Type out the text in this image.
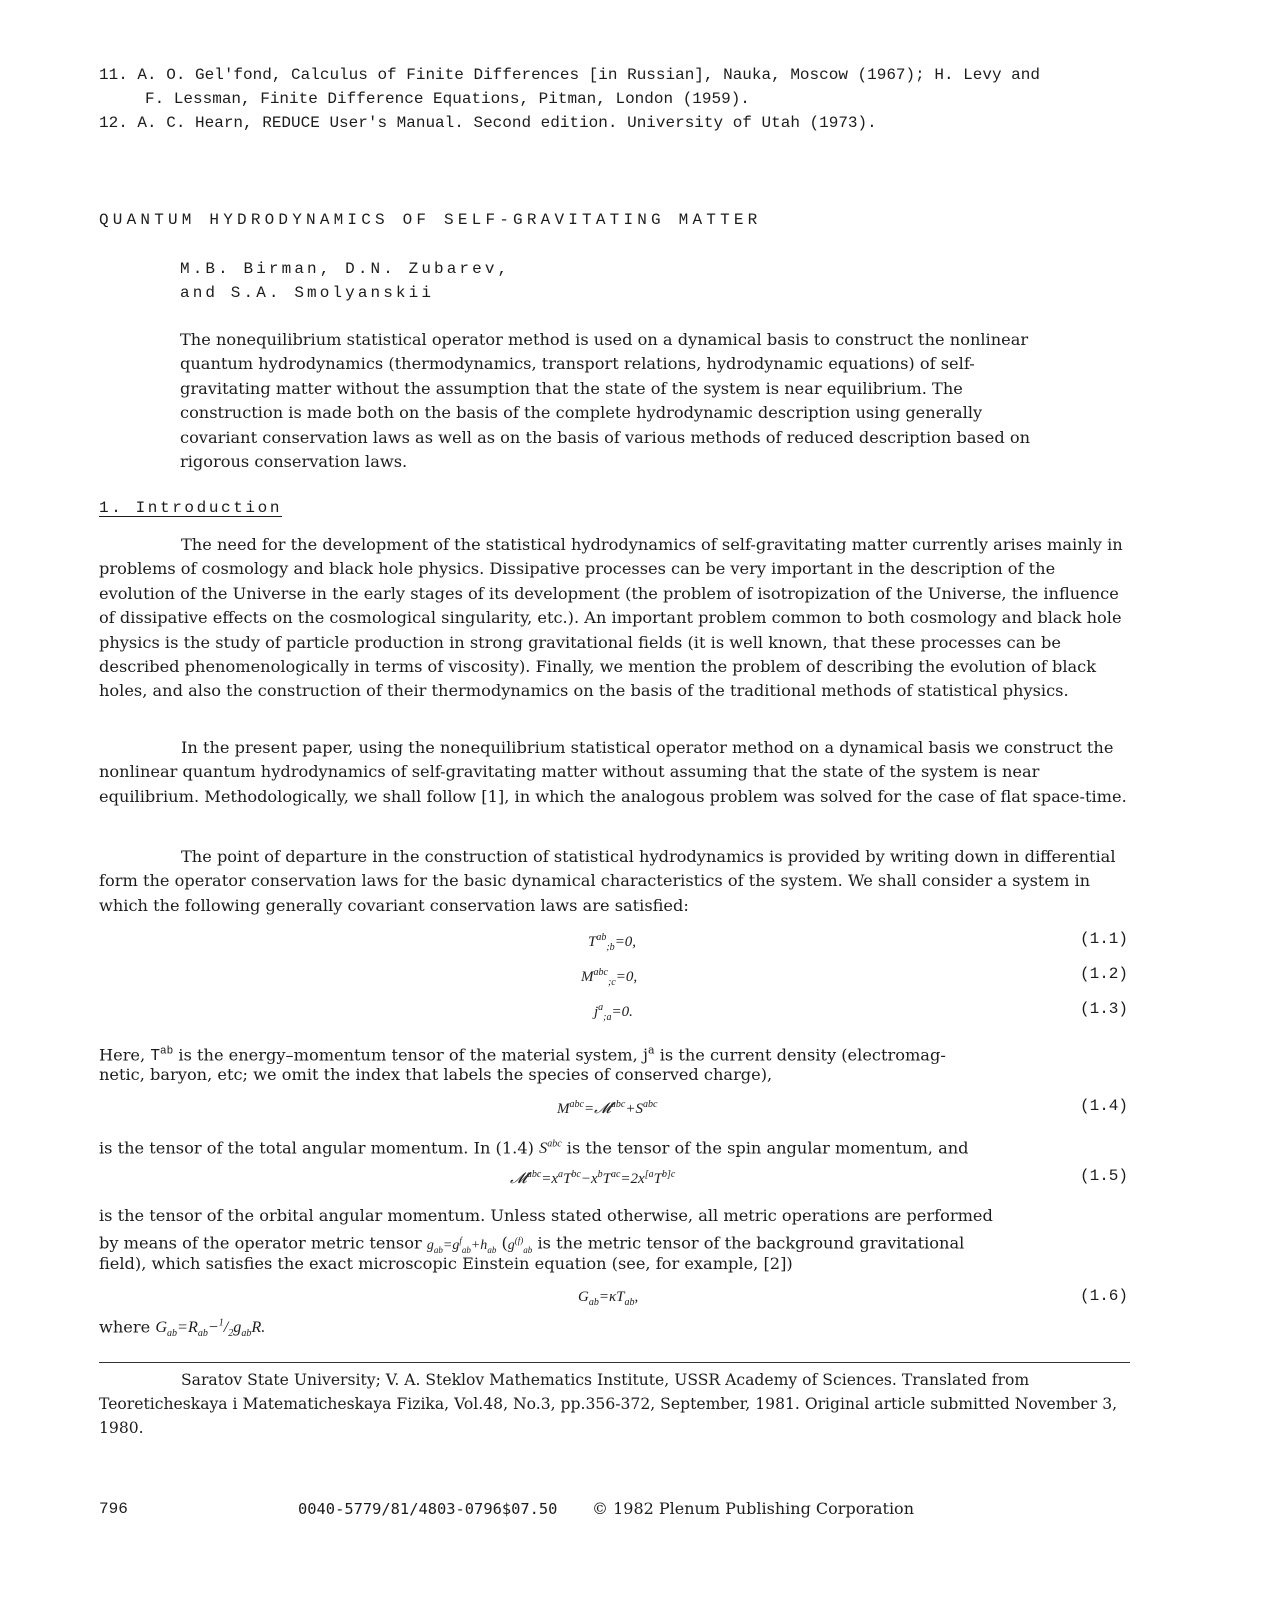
11. A. O. Gel'fond, Calculus of Finite Differences [in Russian], Nauka, Moscow (1967); H. Levy and
F. Lessman, Finite Difference Equations, Pitman, London (1959).
12. A. C. Hearn, REDUCE User's Manual. Second edition. University of Utah (1973).
QUANTUM HYDRODYNAMICS OF SELF-GRAVITATING MATTER
M.B. Birman, D.N. Zubarev,
and S.A. Smolyanskii
The nonequilibrium statistical operator method is used on a dynamical basis to construct the nonlinear quantum hydrodynamics (thermodynamics, transport relations, hydrodynamic equations) of self-gravitating matter without the assumption that the state of the system is near equilibrium. The construction is made both on the basis of the complete hydrodynamic description using generally covariant conservation laws as well as on the basis of various methods of reduced description based on rigorous conservation laws.
1. Introduction
The need for the development of the statistical hydrodynamics of self-gravitating matter currently arises mainly in problems of cosmology and black hole physics. Dissipative processes can be very important in the description of the evolution of the Universe in the early stages of its development (the problem of isotropization of the Universe, the influence of dissipative effects on the cosmological singularity, etc.). An important problem common to both cosmology and black hole physics is the study of particle production in strong gravitational fields (it is well known, that these processes can be described phenomenologically in terms of viscosity). Finally, we mention the problem of describing the evolution of black holes, and also the construction of their thermodynamics on the basis of the traditional methods of statistical physics.
In the present paper, using the nonequilibrium statistical operator method on a dynamical basis we construct the nonlinear quantum hydrodynamics of self-gravitating matter without assuming that the state of the system is near equilibrium. Methodologically, we shall follow [1], in which the analogous problem was solved for the case of flat space-time.
The point of departure in the construction of statistical hydrodynamics is provided by writing down in differential form the operator conservation laws for the basic dynamical characteristics of the system. We shall consider a system in which the following generally covariant conservation laws are satisfied:
$T^{ab}_{;b}=0$,	(1.1)
$M^{abc}_{;c}=0$,	(1.2)
$j^a_{;a}=0$.	(1.3)
Here, $T^{ab}$ is the energy–momentum tensor of the material system, $j^a$ is the current density (electromag-
netic, baryon, etc; we omit the index that labels the species of conserved charge),
$M^{abc}=𝓜^{abc}+S^{abc}$	(1.4)
is the tensor of the total angular momentum. In (1.4) $S^{abc}$ is the tensor of the spin angular momentum, and
$𝓜^{abc}=x^aT^{bc}-x^bT^{ac}=2x^{[a}T^{b]c}$	(1.5)
is the tensor of the orbital angular momentum. Unless stated otherwise, all metric operations are performed
by means of the operator metric tensor $g_{ab}=g^f_{ab}+h_{ab}$ ($g^{(f)}_{ab}$ is the metric tensor of the background gravitational
field), which satisfies the exact microscopic Einstein equation (see, for example, [2])
$G_{ab}=\kappa T_{ab}$,	(1.6)
where $G_{ab}=R_{ab}-^1/_2g_{ab}R$.
Saratov State University; V. A. Steklov Mathematics Institute, USSR Academy of Sciences. Translated from Teoreticheskaya i Matematicheskaya Fizika, Vol.48, No.3, pp.356-372, September, 1981. Original article submitted November 3, 1980.
796	0040-5779/81/4803-0796$07.50 © 1982 Plenum Publishing Corporation
